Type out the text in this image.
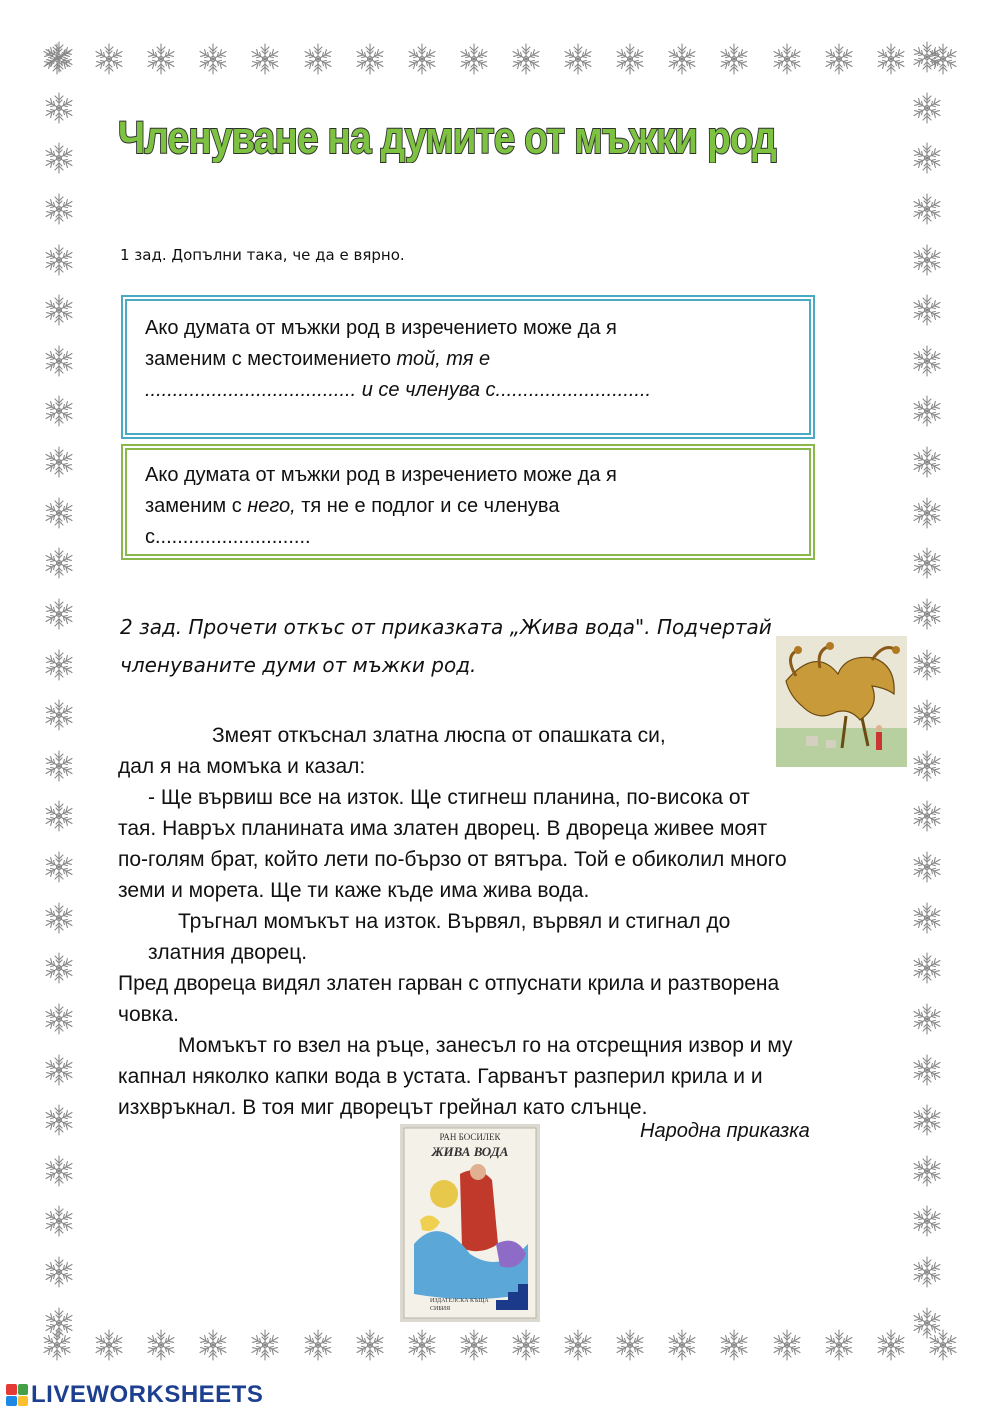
Членуване на думите от мъжки род
1 зад. Допълни така, че да е вярно.
Ако думата от мъжки род в изречението може да я
заменим с местоимението той, тя е
...................................... и се членува с............................
Ако думата от мъжки род в изречението може да я
заменим с него, тя не е подлог и се членува
с............................
2 зад. Прочети откъс от приказката „Жива вода". Подчертай
членуваните думи от мъжки род.

Змеят откъснал златна люспа от опашката си,

дал я на момъка и казал:

- Ще вървиш все на изток. Ще стигнеш планина, по-висока от

тая. Навръх планината има златен дворец. В двореца живее моят

по-голям брат, който лети по-бързо от вятъра. Той е обиколил много

земи и морета. Ще ти каже къде има жива вода.

Тръгнал момъкът на изток. Вървял, вървял и стигнал до

златния дворец.

Пред двореца видял златен гарван с отпуснати крила и разтворена

човка.

Момъкът го взел на ръце, занесъл го на отсрещния извор и му

капнал няколко капки вода в устата. Гарванът разперил крила и и

изхвръкнал. В тоя миг дворецът грейнал като слънце.

Народна приказка
РАН БОСИЛЕК
ЖИВА ВОДА
ИЗДАТЕЛСКА КЪЩА
СИБИЯ
LIVEWORKSHEETS
